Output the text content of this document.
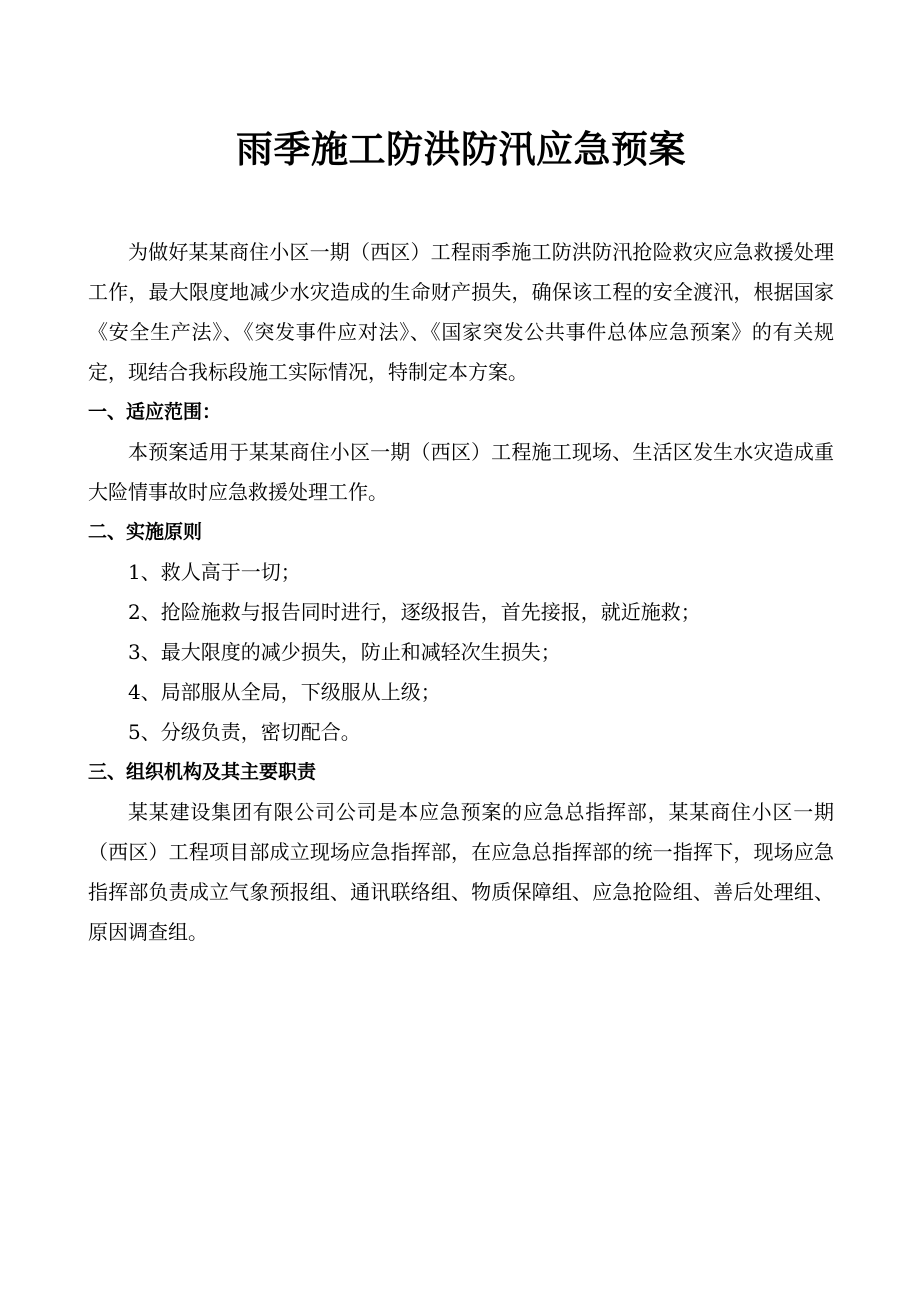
雨季施工防洪防汛应急预案

为做好某某商住小区一期（西区）工程雨季施工防洪防汛抢险救灾应急救援处理工作，最大限度地减少水灾造成的生命财产损失，确保该工程的安全渡汛，根据国家《安全生产法》、《突发事件应对法》、《国家突发公共事件总体应急预案》的有关规定，现结合我标段施工实际情况，特制定本方案。

一、适应范围：

本预案适用于某某商住小区一期（西区）工程施工现场、生活区发生水灾造成重大险情事故时应急救援处理工作。

二、实施原则
1、救人高于一切；
2、抢险施救与报告同时进行，逐级报告，首先接报，就近施救；
3、最大限度的减少损失，防止和减轻次生损失；
4、局部服从全局，下级服从上级；
5、分级负责，密切配合。
三、组织机构及其主要职责

某某建设集团有限公司公司是本应急预案的应急总指挥部，某某商住小区一期（西区）工程项目部成立现场应急指挥部，在应急总指挥部的统一指挥下，现场应急指挥部负责成立气象预报组、通讯联络组、物质保障组、应急抢险组、善后处理组、原因调查组。
